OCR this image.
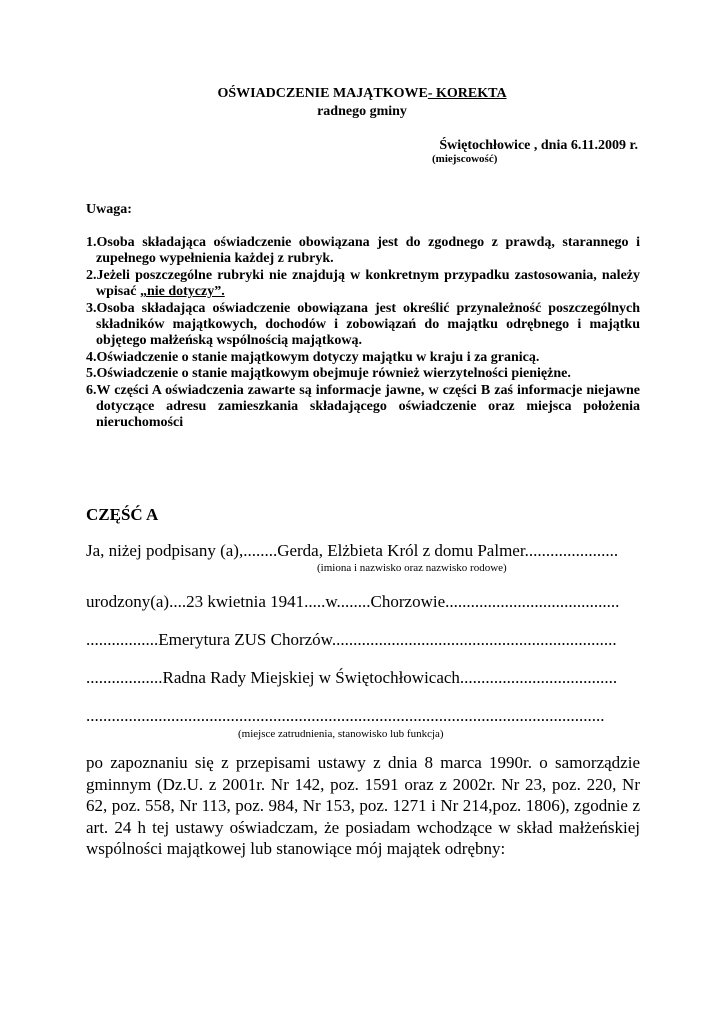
OŚWIADCZENIE MAJĄTKOWE- KOREKTA
radnego gminy
Świętochłowice , dnia 6.11.2009 r.
(miejscowość)
Uwaga:

1.Osoba składająca oświadczenie obowiązana jest do zgodnego z prawdą, starannego i zupełnego wypełnienia każdej z rubryk.

2.Jeżeli poszczególne rubryki nie znajdują w konkretnym przypadku zastosowania, należy wpisać „nie dotyczy”.

3.Osoba składająca oświadczenie obowiązana jest określić przynależność poszczególnych składników majątkowych, dochodów i zobowiązań do majątku odrębnego i majątku objętego małżeńską wspólnością majątkową.

4.Oświadczenie o stanie majątkowym dotyczy majątku w kraju i za granicą.

5.Oświadczenie o stanie majątkowym obejmuje również wierzytelności pieniężne.

6.W części A oświadczenia zawarte są informacje jawne, w części B zaś informacje niejawne dotyczące adresu zamieszkania składającego oświadczenie oraz miejsca położenia nieruchomości

CZĘŚĆ A
Ja, niżej podpisany (a),........Gerda, Elżbieta Król z domu Palmer......................
(imiona i nazwisko oraz nazwisko rodowe)
urodzony(a)....23 kwietnia 1941.....w........Chorzowie.........................................
.................Emerytura ZUS Chorzów...................................................................
..................Radna Rady Miejskiej w Świętochłowicach.....................................
..........................................................................................................................
(miejsce zatrudnienia, stanowisko lub funkcja)
po zapoznaniu się z przepisami ustawy z dnia 8 marca 1990r. o samorządzie gminnym (Dz.U. z 2001r. Nr 142, poz. 1591 oraz z 2002r. Nr 23, poz. 220, Nr 62, poz. 558, Nr 113, poz. 984, Nr 153, poz. 1271 i Nr 214,poz. 1806), zgodnie z art. 24 h tej ustawy oświadczam, że posiadam wchodzące w skład małżeńskiej wspólności majątkowej lub stanowiące mój majątek odrębny:
